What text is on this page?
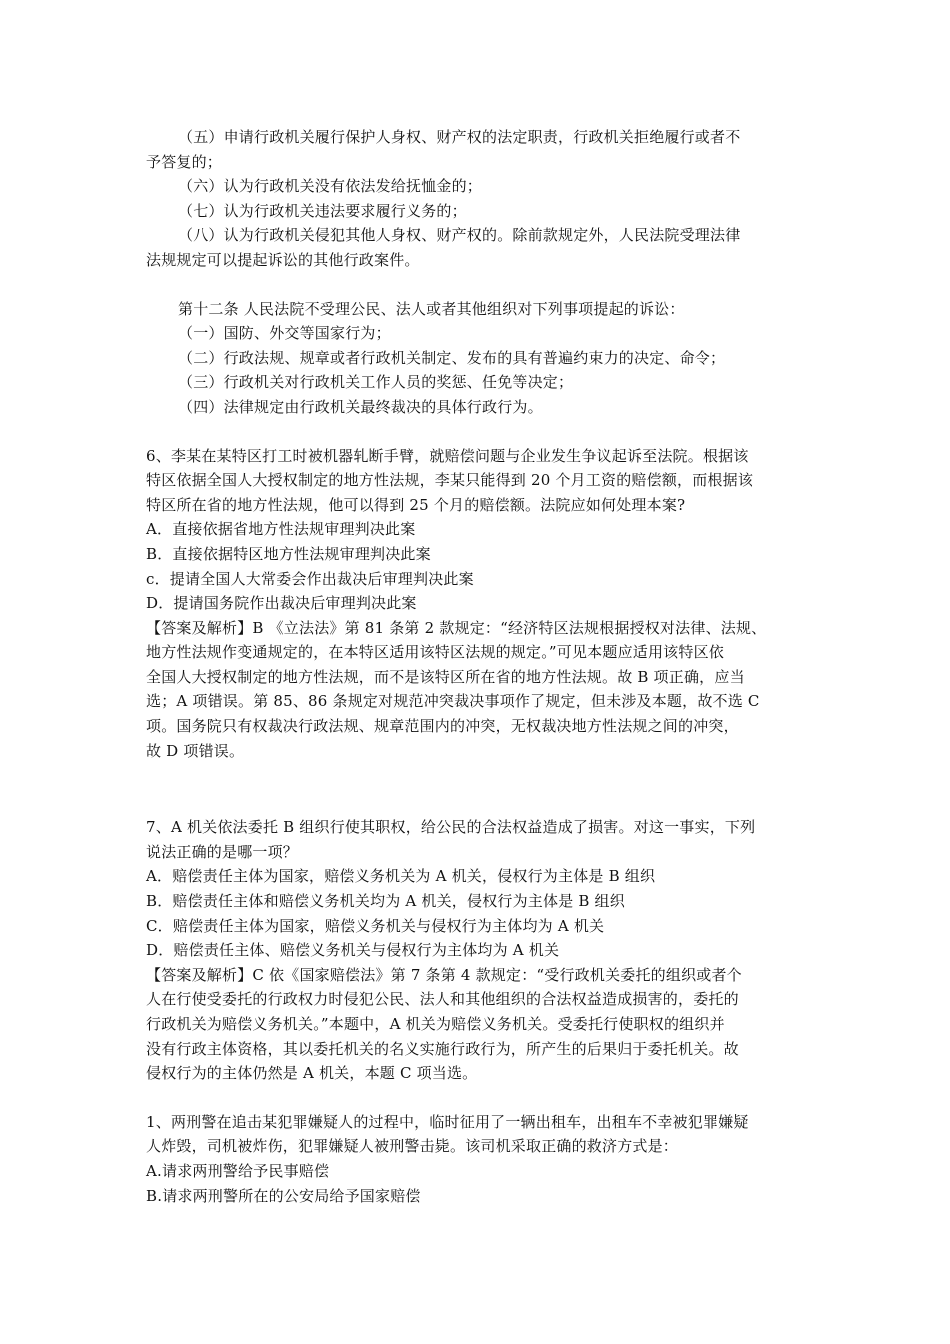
（五）申请行政机关履行保护人身权、财产权的法定职责，行政机关拒绝履行或者不
予答复的；
（六）认为行政机关没有依法发给抚恤金的；
（七）认为行政机关违法要求履行义务的；
（八）认为行政机关侵犯其他人身权、财产权的。除前款规定外，人民法院受理法律
法规规定可以提起诉讼的其他行政案件。
第十二条 人民法院不受理公民、法人或者其他组织对下列事项提起的诉讼：
（一）国防、外交等国家行为；
（二）行政法规、规章或者行政机关制定、发布的具有普遍约束力的决定、命令；
（三）行政机关对行政机关工作人员的奖惩、任免等决定；
（四）法律规定由行政机关最终裁决的具体行政行为。
6、李某在某特区打工时被机器轧断手臂，就赔偿问题与企业发生争议起诉至法院。根据该
特区依据全国人大授权制定的地方性法规，李某只能得到 20 个月工资的赔偿额，而根据该
特区所在省的地方性法规，他可以得到 25 个月的赔偿额。法院应如何处理本案?
A．直接依据省地方性法规审理判决此案
B．直接依据特区地方性法规审理判决此案
c．提请全国人大常委会作出裁决后审理判决此案
D．提请国务院作出裁决后审理判决此案
【答案及解析】B 《立法法》第 81 条第 2 款规定：“经济特区法规根据授权对法律、法规、
地方性法规作变通规定的，在本特区适用该特区法规的规定。”可见本题应适用该特区依
全国人大授权制定的地方性法规，而不是该特区所在省的地方性法规。故 B 项正确，应当
选；A 项错误。第 85、86 条规定对规范冲突裁决事项作了规定，但未涉及本题，故不选 C
项。国务院只有权裁决行政法规、规章范围内的冲突，无权裁决地方性法规之间的冲突，
故 D 项错误。
7、A 机关依法委托 B 组织行使其职权，给公民的合法权益造成了损害。对这一事实，下列
说法正确的是哪一项？
A．赔偿责任主体为国家，赔偿义务机关为 A 机关，侵权行为主体是 B 组织
B．赔偿责任主体和赔偿义务机关均为 A 机关，侵权行为主体是 B 组织
C．赔偿责任主体为国家，赔偿义务机关与侵权行为主体均为 A 机关
D．赔偿责任主体、赔偿义务机关与侵权行为主体均为 A 机关
【答案及解析】C 依《国家赔偿法》第 7 条第 4 款规定：“受行政机关委托的组织或者个
人在行使受委托的行政权力时侵犯公民、法人和其他组织的合法权益造成损害的，委托的
行政机关为赔偿义务机关。”本题中，A 机关为赔偿义务机关。受委托行使职权的组织并
没有行政主体资格，其以委托机关的名义实施行政行为，所产生的后果归于委托机关。故
侵权行为的主体仍然是 A 机关，本题 C 项当选。
1、两刑警在追击某犯罪嫌疑人的过程中，临时征用了一辆出租车，出租车不幸被犯罪嫌疑
人炸毁，司机被炸伤，犯罪嫌疑人被刑警击毙。该司机采取正确的救济方式是：
A.请求两刑警给予民事赔偿
B.请求两刑警所在的公安局给予国家赔偿
